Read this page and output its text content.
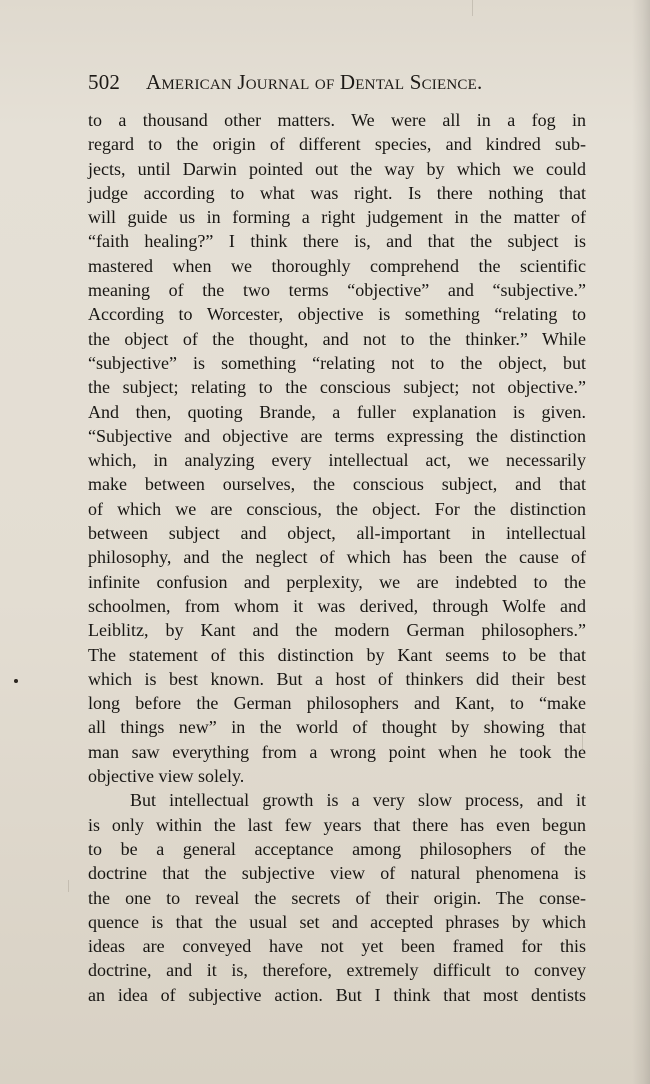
502 American Journal of Dental Science.
to a thousand other matters. We were all in a fog in
regard to the origin of different species, and kindred sub-
jects, until Darwin pointed out the way by which we could
judge according to what was right. Is there nothing that
will guide us in forming a right judgement in the matter of
“faith healing?” I think there is, and that the subject is
mastered when we thoroughly comprehend the scientific
meaning of the two terms “objective” and “subjective.”
According to Worcester, objective is something “relating to
the object of the thought, and not to the thinker.” While
“subjective” is something “relating not to the object, but
the subject; relating to the conscious subject; not objective.”
And then, quoting Brande, a fuller explanation is given.
“Subjective and objective are terms expressing the distinction
which, in analyzing every intellectual act, we necessarily
make between ourselves, the conscious subject, and that
of which we are conscious, the object. For the distinction
between subject and object, all-important in intellectual
philosophy, and the neglect of which has been the cause of
infinite confusion and perplexity, we are indebted to the
schoolmen, from whom it was derived, through Wolfe and
Leiblitz, by Kant and the modern German philosophers.”
The statement of this distinction by Kant seems to be that
which is best known. But a host of thinkers did their best
long before the German philosophers and Kant, to “make
all things new” in the world of thought by showing that
man saw everything from a wrong point when he took the
objective view solely.
But intellectual growth is a very slow process, and it
is only within the last few years that there has even begun
to be a general acceptance among philosophers of the
doctrine that the subjective view of natural phenomena is
the one to reveal the secrets of their origin. The conse-
quence is that the usual set and accepted phrases by which
ideas are conveyed have not yet been framed for this
doctrine, and it is, therefore, extremely difficult to convey
an idea of subjective action. But I think that most dentists
